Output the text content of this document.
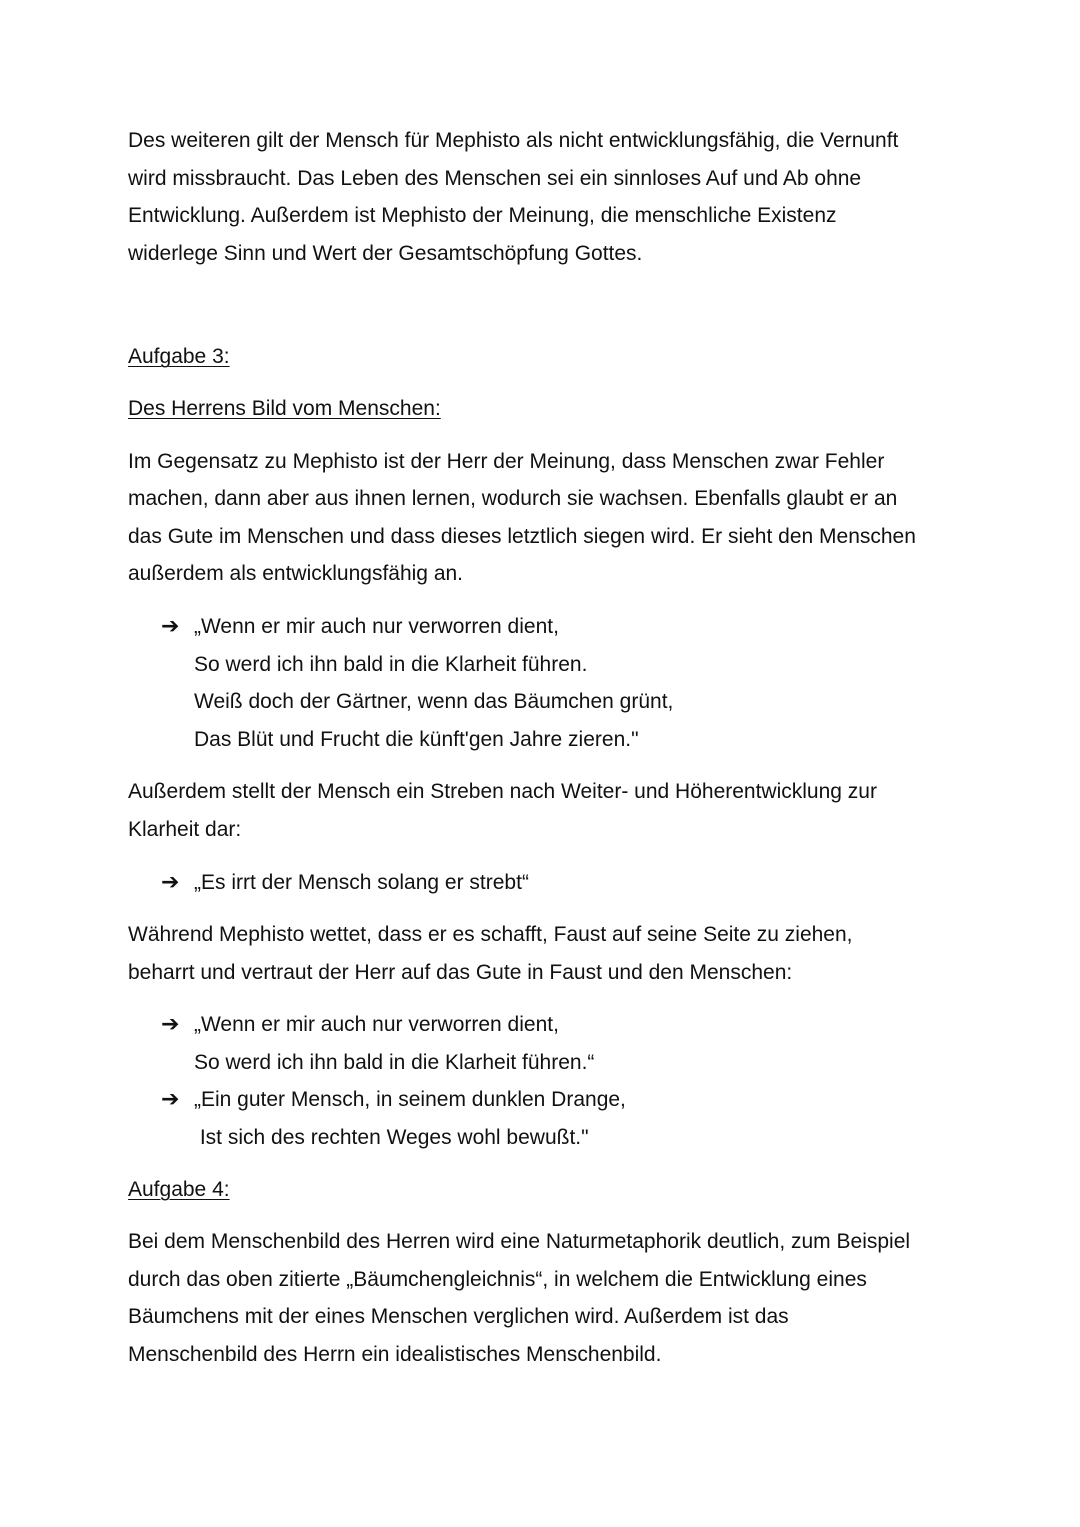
Des weiteren gilt der Mensch für Mephisto als nicht entwicklungsfähig, die Vernunft
wird missbraucht. Das Leben des Menschen sei ein sinnloses Auf und Ab ohne
Entwicklung. Außerdem ist Mephisto der Meinung, die menschliche Existenz
widerlege Sinn und Wert der Gesamtschöpfung Gottes.

Aufgabe 3:

Des Herrens Bild vom Menschen:

Im Gegensatz zu Mephisto ist der Herr der Meinung, dass Menschen zwar Fehler
machen, dann aber aus ihnen lernen, wodurch sie wachsen. Ebenfalls glaubt er an
das Gute im Menschen und dass dieses letztlich siegen wird. Er sieht den Menschen
außerdem als entwicklungsfähig an.

➔ „Wenn er mir auch nur verworren dient,
So werd ich ihn bald in die Klarheit führen.
Weiß doch der Gärtner, wenn das Bäumchen grünt,
Das Blüt und Frucht die künft'gen Jahre zieren."

Außerdem stellt der Mensch ein Streben nach Weiter- und Höherentwicklung zur
Klarheit dar:

➔ „Es irrt der Mensch solang er strebt“

Während Mephisto wettet, dass er es schafft, Faust auf seine Seite zu ziehen,
beharrt und vertraut der Herr auf das Gute in Faust und den Menschen:

➔ „Wenn er mir auch nur verworren dient,
So werd ich ihn bald in die Klarheit führen.“
➔ „Ein guter Mensch, in seinem dunklen Drange,
Ist sich des rechten Weges wohl bewußt."

Aufgabe 4:

Bei dem Menschenbild des Herren wird eine Naturmetaphorik deutlich, zum Beispiel
durch das oben zitierte „Bäumchengleichnis“, in welchem die Entwicklung eines
Bäumchens mit der eines Menschen verglichen wird. Außerdem ist das
Menschenbild des Herrn ein idealistisches Menschenbild.
